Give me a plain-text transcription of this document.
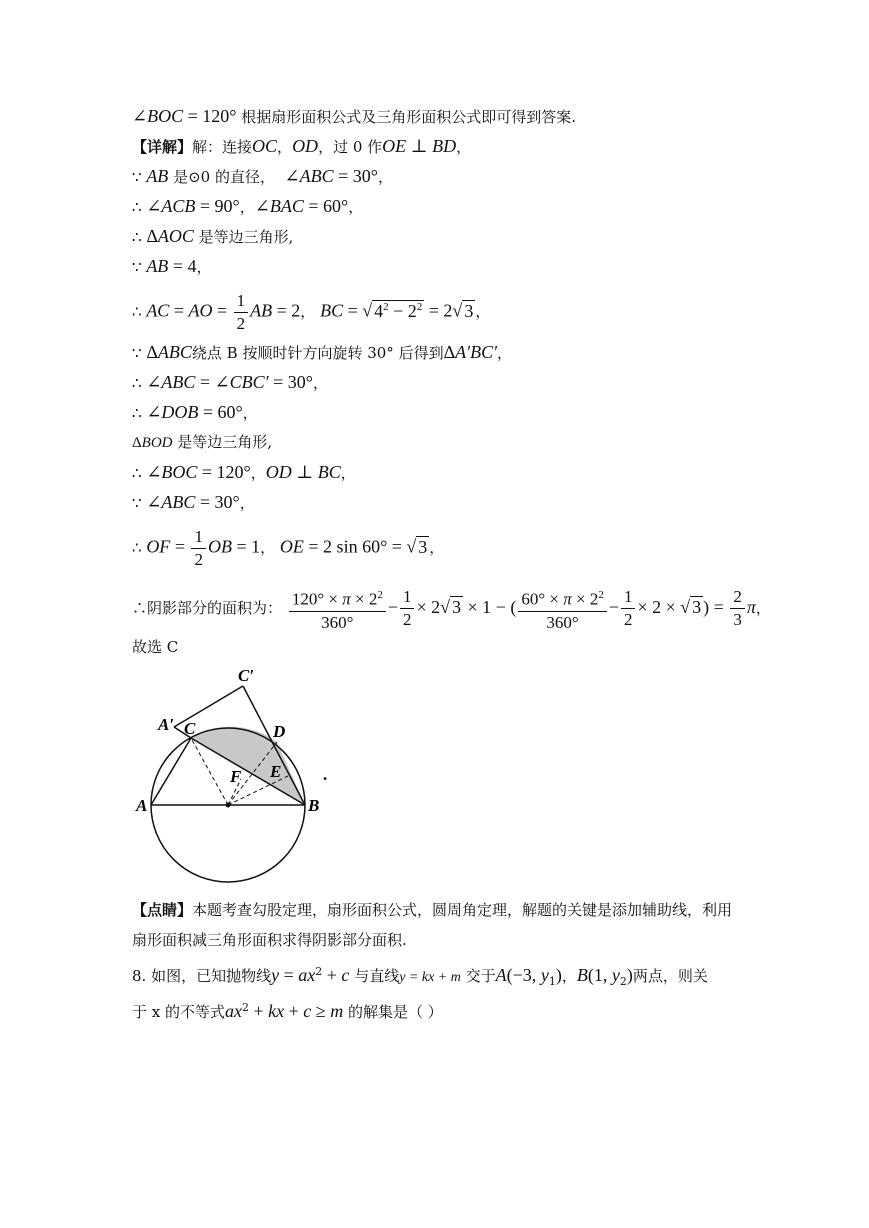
∠BOC = 120° 根据扇形面积公式及三角形面积公式即可得到答案.
【详解】解：连接OC，OD，过 0 作OE ⊥ BD，
∵ AB 是⊙0 的直径， ∠ABC = 30°，
∴ ∠ACB = 90°，∠BAC = 60°，
∴ ΔAOC 是等边三角形,
∵ AB = 4，
∴ AC = AO = $\frac{1}{2}$ AB = 2， BC = √ $4^2 - 2^2 = 2√$ 3 ，
∵ ΔABC绕点 B 按顺时针方向旋转 30° 后得到ΔA′BC′，
∴ ∠ABC = ∠CBC′ = 30°，
∴ ∠DOB = 60°，
ΔBOD 是等边三角形,
∴ ∠BOC = 120°，OD ⊥ BC，
∵ ∠ABC = 30°，
∴ OF = $\frac{1}{2}$ OB = 1， OE = 2 sin 60° = √ 3 ，
∴阴影部分的面积为： $\frac{120^\circ \times \pi \times 2^2}{360^\circ} - \frac{1}{2} \times 2√$ 3 × 1 − ( $\frac{60^\circ \times \pi \times 2^2}{360^\circ} - \frac{1}{2} \times 2$ × √ 3 ) = $\frac{2}{3}$ π，
故选 C
A	B
C	D
E
F
A′
C′
.
【点睛】本题考查勾股定理，扇形面积公式，圆周角定理，解题的关键是添加辅助线，利用
扇形面积减三角形面积求得阴影部分面积.
8. 如图，已知抛物线$y = ax^2 + c$ 与直线y = kx + m 交于A(−3, $y_1$)，B(1, $y_2$)两点，则关
于 x 的不等式$ax^2$ + kx + c ≥ m 的解集是（ ）
